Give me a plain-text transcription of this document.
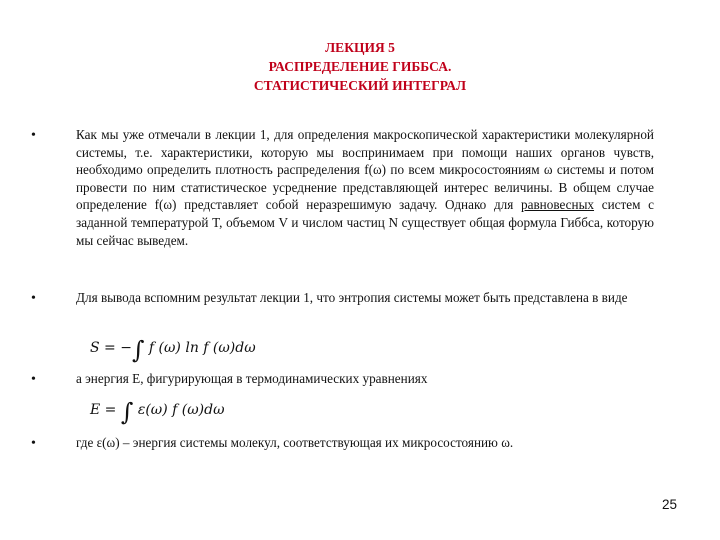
ЛЕКЦИЯ 5
РАСПРЕДЕЛЕНИЕ ГИББСА.
СТАТИСТИЧЕСКИЙ ИНТЕГРАЛ
•	Как мы уже отмечали в лекции 1, для определения макроскопической характеристики молекулярной системы, т.е. характеристики, которую мы воспринимаем при помощи наших органов чувств, необходимо определить плотность распределения f(ω) по всем микросостояниям ω системы и потом провести по ним статистическое усреднение представляющей интерес величины. В общем случае определение f(ω) представляет собой неразрешимую задачу. Однако для равновесных систем с заданной температурой T, объемом V и числом частиц N существует общая формула Гиббса, которую мы сейчас выведем.
•	Для вывода вспомним результат лекции 1, что энтропия системы может быть представлена в виде
S = −∫ f (ω) ln f (ω)dω
•	а энергия E, фигурирующая в термодинамических уравнениях
E = ∫ ε(ω) f (ω)dω
•	где ε(ω) – энергия системы молекул, соответствующая их микросостоянию ω.
25
